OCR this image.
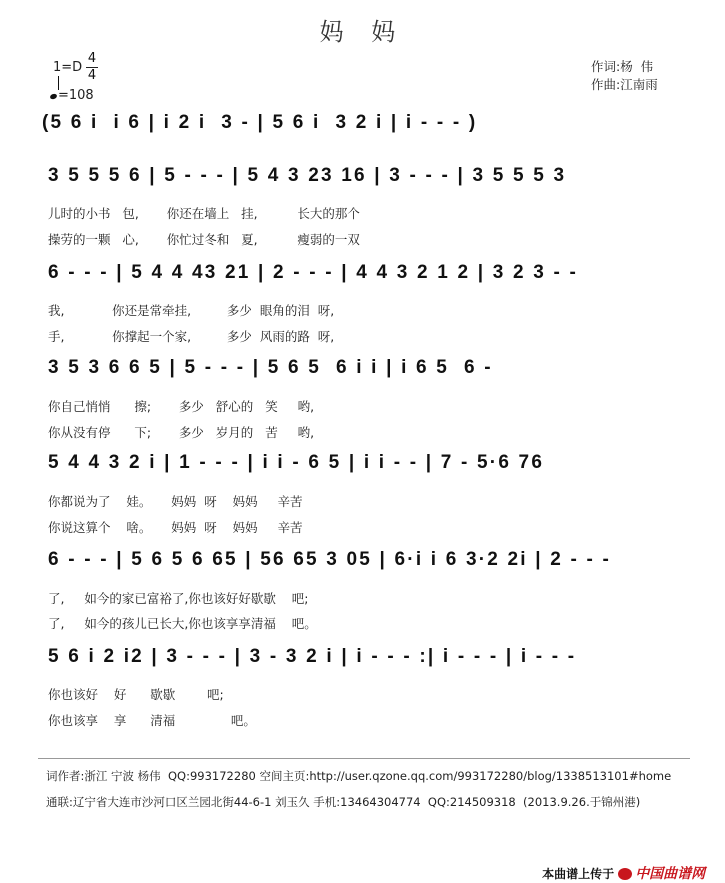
妈 妈
1=D
4
4
=108
作词:杨  伟
作曲:江南雨
(5 6 i  i 6 | i 2 i  3 - | 5 6 i  3 2 i | i - - - )
3 5 5 5 6 | 5 - - - | 5 4 3 23 16 | 3 - - - | 3 5 5 5 3
儿时的小书   包,       你还在墙上   挂,          长大的那个
操劳的一颗   心,       你忙过冬和   夏,          瘦弱的一双
6 - - - | 5 4 4 43 21 | 2 - - - | 4 4 3 2 1 2 | 3 2 3 - -
我,            你还是常牵挂,         多少  眼角的泪  呀,
手,            你撑起一个家,         多少  风雨的路  呀,
3 5 3 6 6 5 | 5 - - - | 5 6 5  6 i i | i 6 5  6 -
你自己悄悄      擦;       多少   舒心的   笑     哟,
你从没有停      下;       多少   岁月的   苦     哟,
5 4 4 3 2 i | 1 - - - | i i - 6 5 | i i - - | 7 - 5·6 76
你都说为了    娃。     妈妈  呀    妈妈     辛苦
你说这算个    啥。     妈妈  呀    妈妈     辛苦
6 - - - | 5 6 5 6 65 | 56 65 3 05 | 6·i i 6 3·2 2i | 2 - - -
了,     如今的家已富裕了,你也该好好歇歇    吧;
了,     如今的孩儿已长大,你也该享享清福    吧。
5 6 i 2 i2 | 3 - - - | 3 - 3 2 i | i - - - :| i - - - | i - - -
你也该好    好      歇歇        吧;
你也该享    享      清福              吧。
词作者:浙江 宁波 杨伟  QQ:993172280 空间主页:http://user.qzone.qq.com/993172280/blog/1338513101#home
通联:辽宁省大连市沙河口区兰园北街44-6-1 刘玉久 手机:13464304774  QQ:214509318  (2013.9.26.于锦州港)

本曲谱上传于 中国曲谱网
